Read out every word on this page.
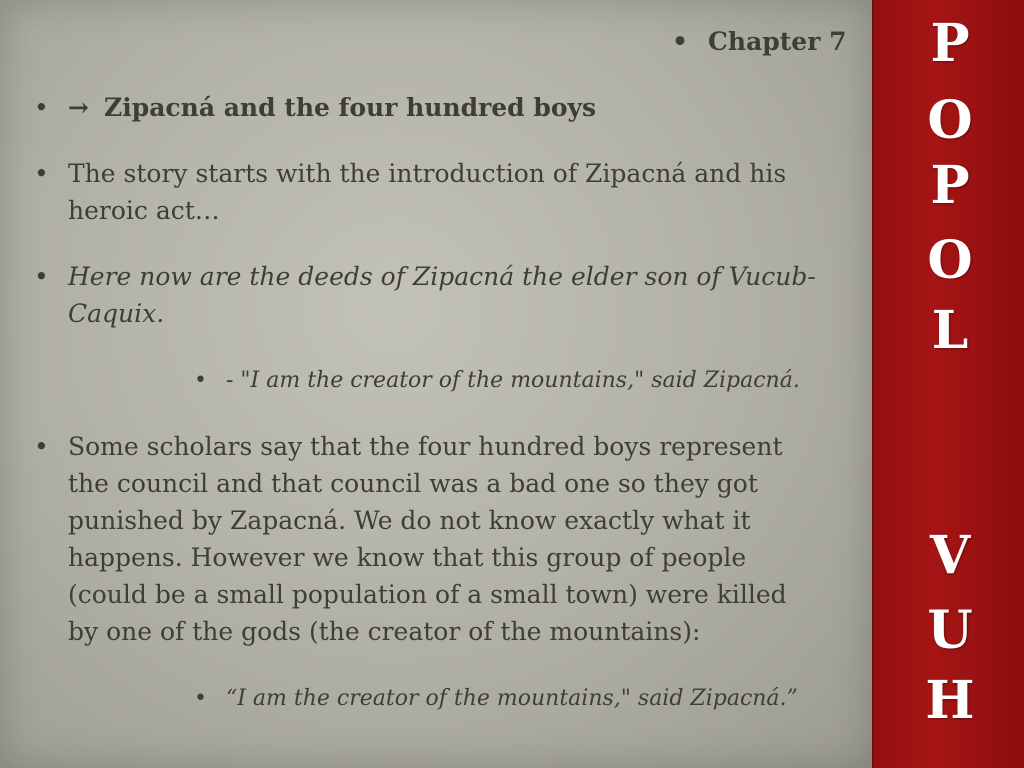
• Chapter 7
• → Zipacná and the four hundred boys
• The story starts with the introduction of Zipacná and his
heroic act…
• Here now are the deeds of Zipacná the elder son of Vucub-
Caquix.
• - "I am the creator of the mountains," said Zipacná.
• Some scholars say that the four hundred boys represent
the council and that council was a bad one so they got
punished by Zapacná. We do not know exactly what it
happens. However we know that this group of people
(could be a small population of a small town) were killed
by one of the gods (the creator of the mountains):
• “I am the creator of the mountains," said Zipacná.”
P
O
P
O
L
V
U
H
